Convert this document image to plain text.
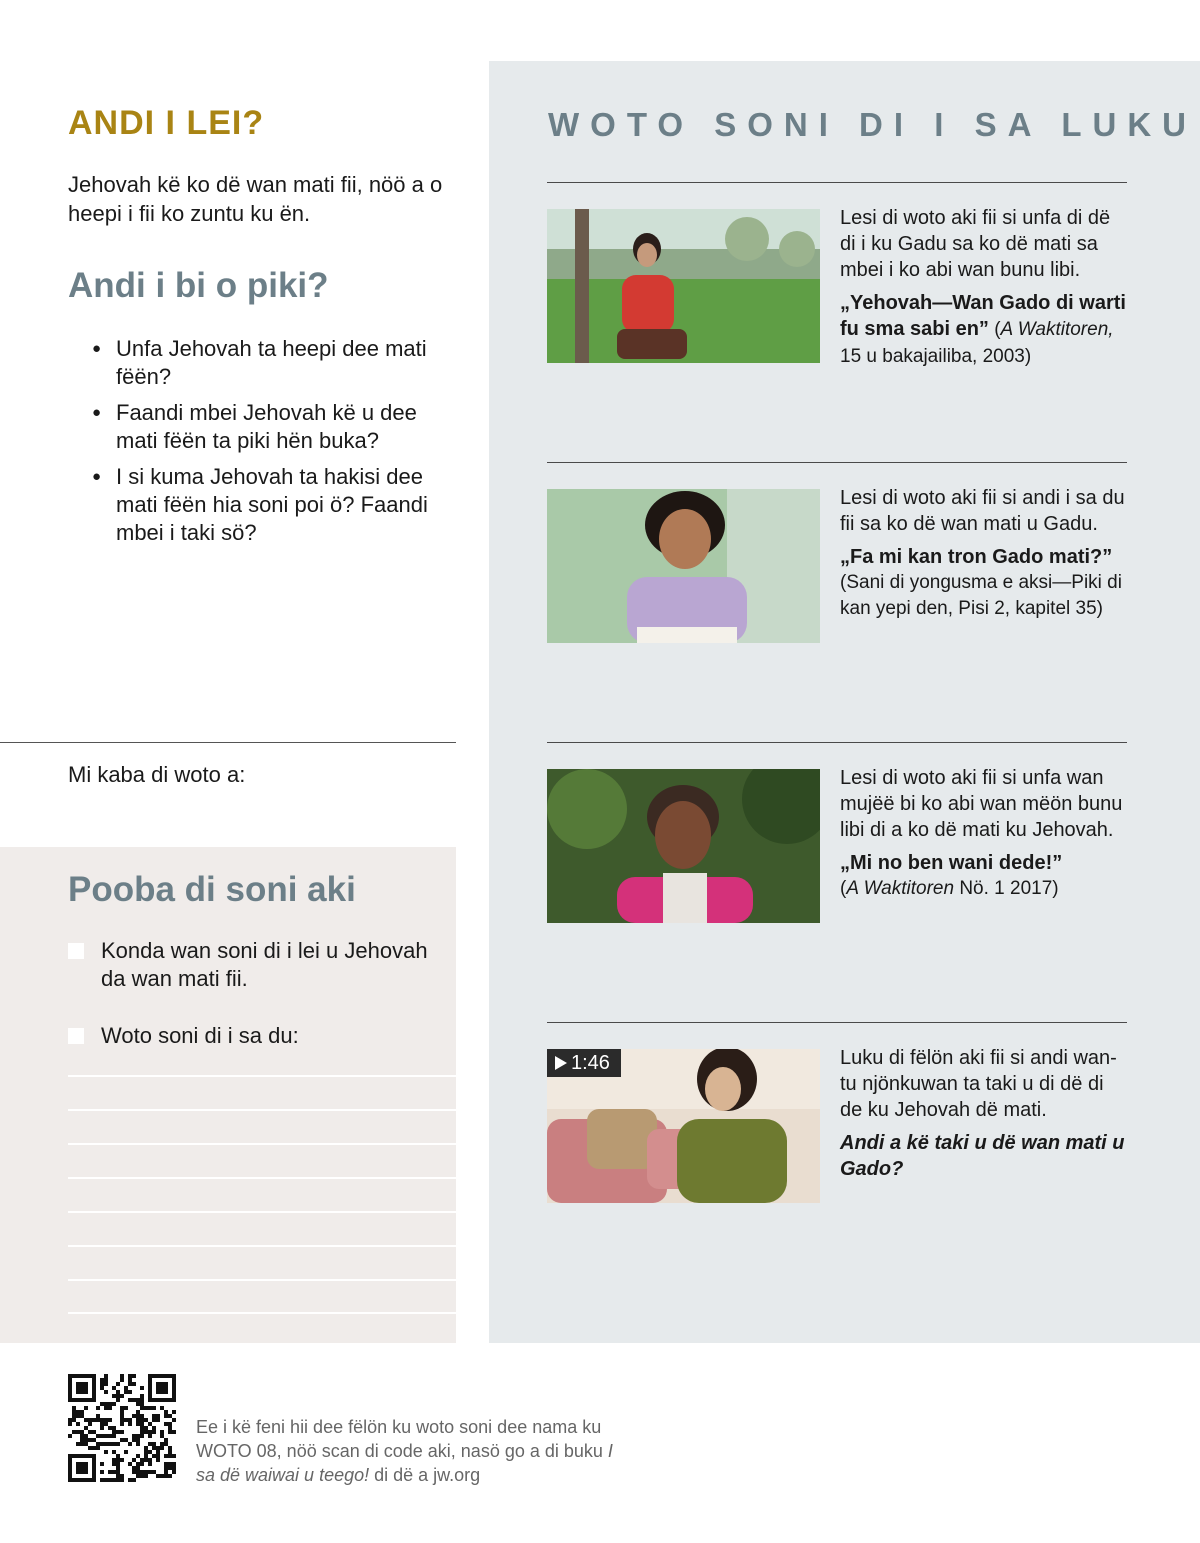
ANDI I LEI?

Jehovah kë ko dë wan mati fii, nöö a o heepi i fii ko zuntu ku ën.

Andi i bi o piki?
● Unfa Jehovah ta heepi dee mati fëën?
● Faandi mbei Jehovah kë u dee mati fëën ta piki hën buka?
● I si kuma Jehovah ta hakisi dee mati fëën hia soni poi ö? Faandi mbei i taki sö?
Mi kaba di woto a:
Pooba di soni aki
Konda wan soni di i lei u Jehovah da wan mati fii.
Woto soni di i sa du:
WOTO SONI DI I SA LUKU
Lesi di woto aki fii si unfa di dë di i ku Gadu sa ko dë mati sa mbei i ko abi wan bunu libi.
„Yehovah—Wan Gado di warti fu sma sabi en” (A Waktitoren, 15 u bakajailiba, 2003)
Lesi di woto aki fii si andi i sa du fii sa ko dë wan mati u Gadu.
„Fa mi kan tron Gado mati?”
(Sani di yongusma e aksi—Piki di kan yepi den, Pisi 2, kapitel 35)
Lesi di woto aki fii si unfa wan mujëë bi ko abi wan mëön bunu libi di a ko dë mati ku Jehovah.
„Mi no ben wani dede!”
(A Waktitoren Nö. 1 2017)
1:46	Luku di fëlön aki fii si andi wan-tu njönkuwan ta taki u di dë di de ku Jehovah dë mati.
Andi a kë taki u dë wan mati u Gado?
Ee i kë feni hii dee fëlön ku woto soni dee nama ku WOTO 08, nöö scan di code aki, nasö go a di buku I sa dë waiwai u teego! di dë a jw.org
